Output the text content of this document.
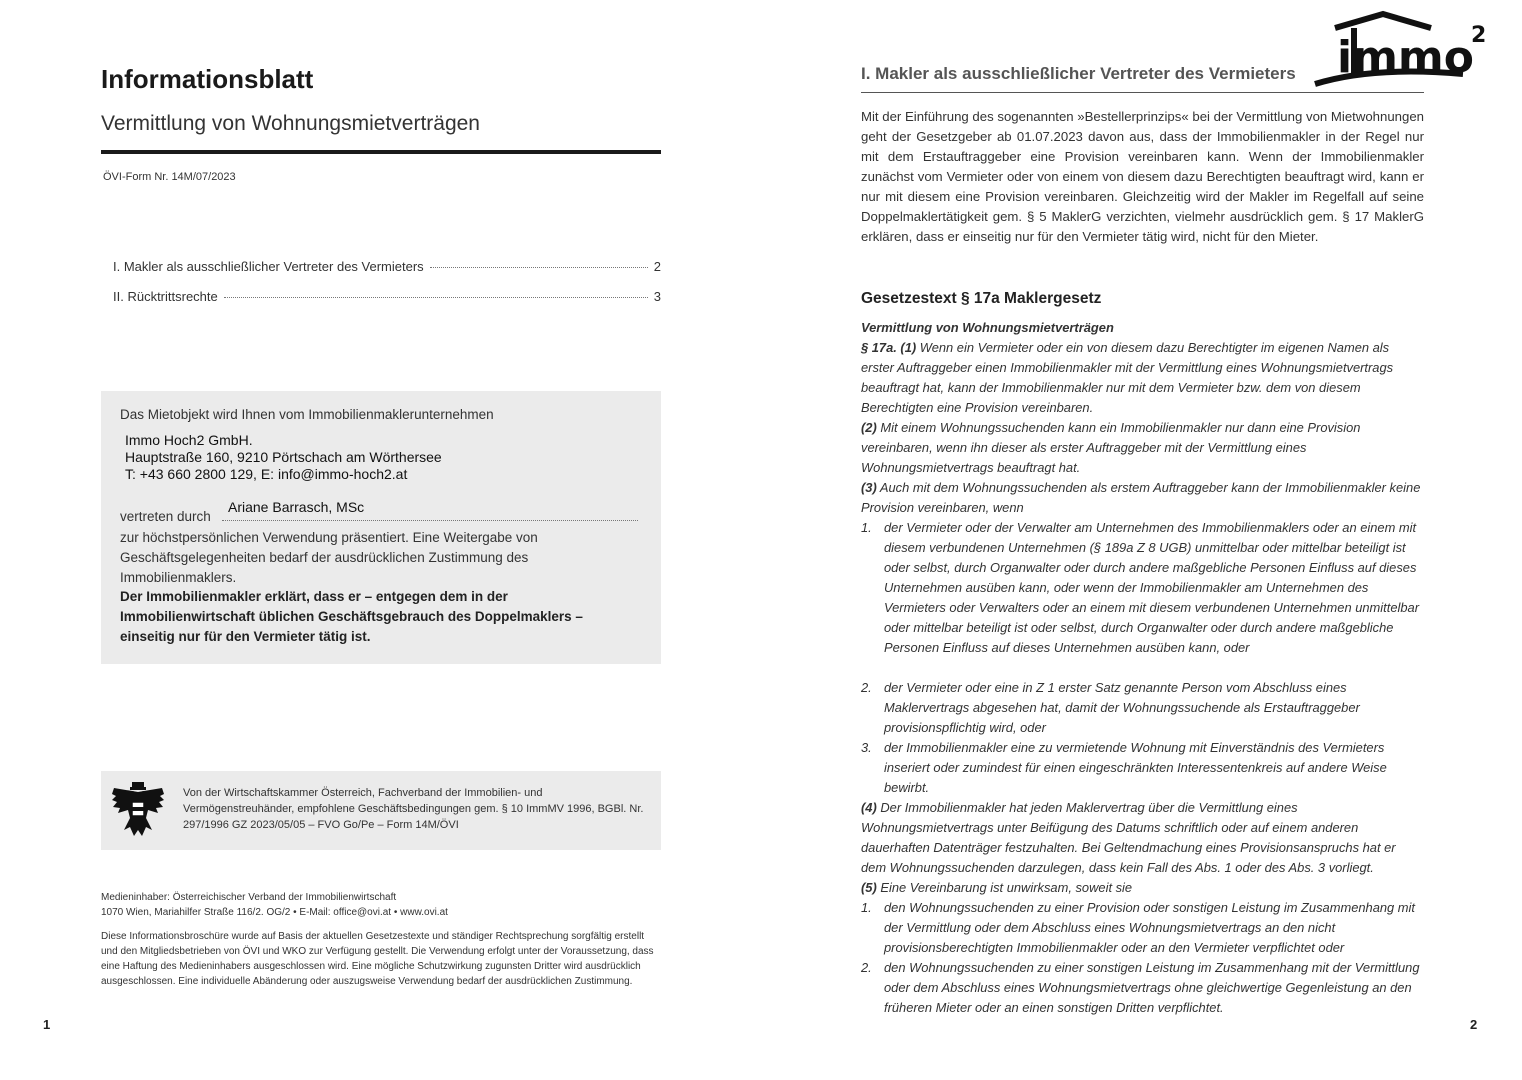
Informationsblatt
Vermittlung von Wohnungsmietverträgen
ÖVI-Form Nr. 14M/07/2023
I. Makler als ausschließlicher Vertreter des Vermieters	2
II. Rücktrittsrechte	3
Das Mietobjekt wird Ihnen vom Immobilienmaklerunternehmen
Immo Hoch2 GmbH.
Hauptstraße 160, 9210 Pörtschach am Wörthersee
T: +43 660 2800 129, E: info@immo-hoch2.at
vertreten durch
Ariane Barrasch, MSc
zur höchstpersönlichen Verwendung präsentiert. Eine Weitergabe von Geschäftsgelegenheiten bedarf der ausdrücklichen Zustimmung des Immobilienmaklers.
Der Immobilienmakler erklärt, dass er – entgegen dem in der Immobilienwirtschaft üblichen Geschäftsgebrauch des Doppelmaklers – einseitig nur für den Vermieter tätig ist.
Von der Wirtschaftskammer Österreich, Fachverband der Immobilien- und Vermögenstreuhänder, empfohlene Geschäftsbedingungen gem. § 10 ImmMV 1996, BGBl. Nr. 297/1996 GZ 2023/05/05 – FVO Go/Pe – Form 14M/ÖVI
Medieninhaber: Österreichischer Verband der Immobilienwirtschaft
1070 Wien, Mariahilfer Straße 116/2. OG/2 • E-Mail: office@ovi.at • www.ovi.at
Diese Informationsbroschüre wurde auf Basis der aktuellen Gesetzestexte und ständiger Rechtsprechung sorgfältig erstellt und den Mitgliedsbetrieben von ÖVI und WKO zur Verfügung gestellt. Die Verwendung erfolgt unter der Voraussetzung, dass eine Haftung des Medieninhabers ausgeschlossen wird. Eine mögliche Schutzwirkung zugunsten Dritter wird ausdrücklich ausgeschlossen. Eine individuelle Abänderung oder auszugsweise Verwendung bedarf der ausdrücklichen Zustimmung.
1
I. Makler als ausschließlicher Vertreter des Vermieters immo
2
Mit der Einführung des sogenannten »Bestellerprinzips« bei der Vermittlung von Mietwohnungen geht der Gesetzgeber ab 01.07.2023 davon aus, dass der Immobilienmakler in der Regel nur mit dem Erstauftraggeber eine Provision vereinbaren kann. Wenn der Immobilienmakler zunächst vom Vermieter oder von einem von diesem dazu Berechtigten beauftragt wird, kann er nur mit diesem eine Provision vereinbaren. Gleichzeitig wird der Makler im Regelfall auf seine Doppelmaklertätigkeit gem. § 5 MaklerG verzichten, vielmehr ausdrücklich gem. § 17 MaklerG erklären, dass er einseitig nur für den Vermieter tätig wird, nicht für den Mieter.
Gesetzestext § 17a Maklergesetz
Vermittlung von Wohnungsmietverträgen
§ 17a. (1) Wenn ein Vermieter oder ein von diesem dazu Berechtigter im eigenen Namen als erster Auftraggeber einen Immobilienmakler mit der Vermittlung eines Wohnungsmietvertrags beauftragt hat, kann der Immobilienmakler nur mit dem Vermieter bzw. dem von diesem Berechtigten eine Provision vereinbaren.
(2) Mit einem Wohnungssuchenden kann ein Immobilienmakler nur dann eine Provision vereinbaren, wenn ihn dieser als erster Auftraggeber mit der Vermittlung eines Wohnungsmietvertrags beauftragt hat.
(3) Auch mit dem Wohnungssuchenden als erstem Auftraggeber kann der Immobilienmakler keine Provision vereinbaren, wenn
1. der Vermieter oder der Verwalter am Unternehmen des Immobilienmaklers oder an einem mit diesem verbundenen Unternehmen (§ 189a Z 8 UGB) unmittelbar oder mittelbar beteiligt ist oder selbst, durch Organwalter oder durch andere maßgebliche Personen Einfluss auf dieses Unternehmen ausüben kann, oder wenn der Immobilienmakler am Unternehmen des Vermieters oder Verwalters oder an einem mit diesem verbundenen Unternehmen unmittelbar oder mittelbar beteiligt ist oder selbst, durch Organwalter oder durch andere maßgebliche Personen Einfluss auf dieses Unternehmen ausüben kann, oder
2. der Vermieter oder eine in Z 1 erster Satz genannte Person vom Abschluss eines Maklervertrags abgesehen hat, damit der Wohnungssuchende als Erstauftraggeber provisionspflichtig wird, oder
3. der Immobilienmakler eine zu vermietende Wohnung mit Einverständnis des Vermieters inseriert oder zumindest für einen eingeschränkten Interessentenkreis auf andere Weise bewirbt.
(4) Der Immobilienmakler hat jeden Maklervertrag über die Vermittlung eines Wohnungsmietvertrags unter Beifügung des Datums schriftlich oder auf einem anderen dauerhaften Datenträger festzuhalten. Bei Geltendmachung eines Provisionsanspruchs hat er dem Wohnungssuchenden darzulegen, dass kein Fall des Abs. 1 oder des Abs. 3 vorliegt.
(5) Eine Vereinbarung ist unwirksam, soweit sie
1. den Wohnungssuchenden zu einer Provision oder sonstigen Leistung im Zusammenhang mit der Vermittlung oder dem Abschluss eines Wohnungsmietvertrags an den nicht provisionsberechtigten Immobilienmakler oder an den Vermieter verpflichtet oder
2. den Wohnungssuchenden zu einer sonstigen Leistung im Zusammenhang mit der Vermittlung oder dem Abschluss eines Wohnungsmietvertrags ohne gleichwertige Gegenleistung an den früheren Mieter oder an einen sonstigen Dritten verpflichtet.
2
